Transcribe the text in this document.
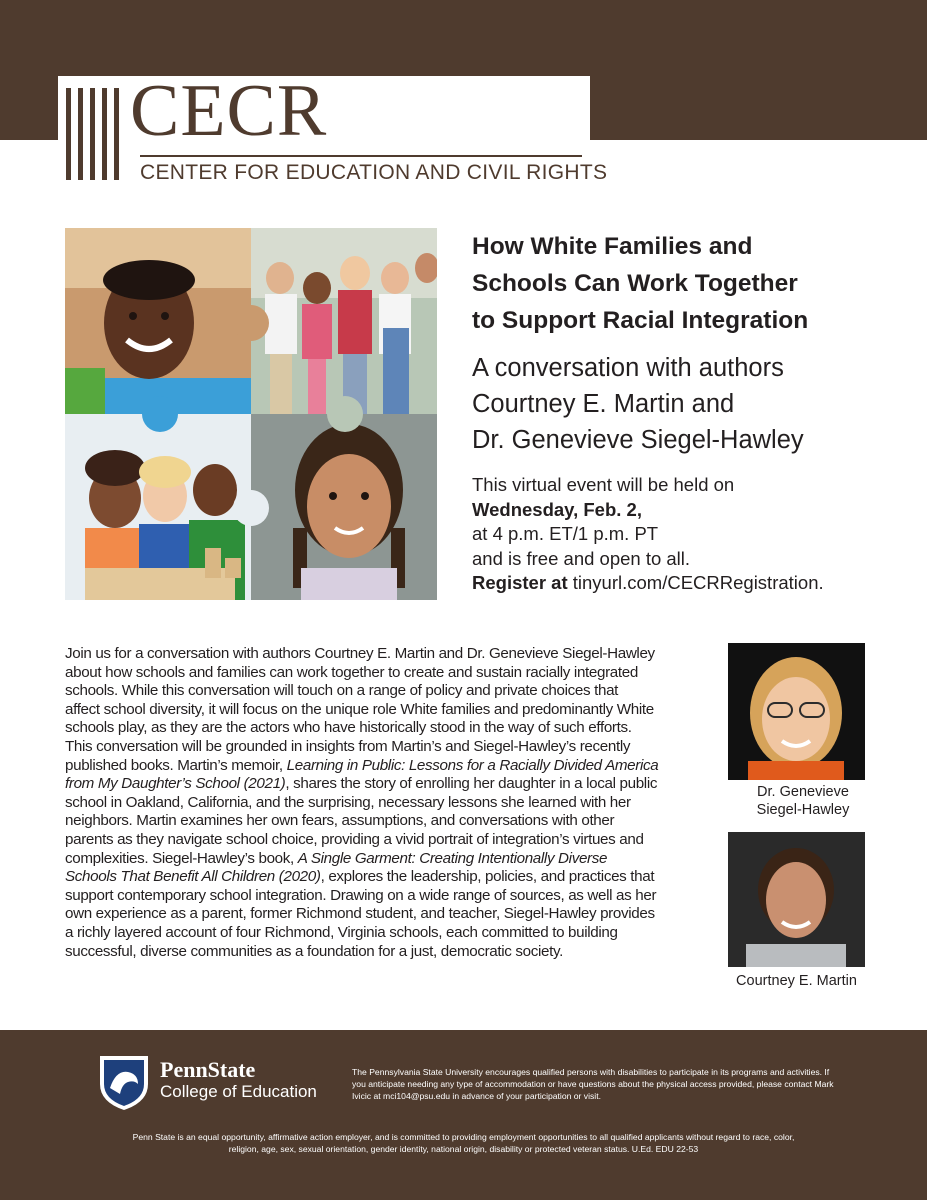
CECR
CENTER FOR EDUCATION AND CIVIL RIGHTS
How White Families and
Schools Can Work Together
to Support Racial Integration
A conversation with authors
Courtney E. Martin and
Dr. Genevieve Siegel-Hawley
This virtual event will be held on
Wednesday, Feb. 2,
at 4 p.m. ET/1 p.m. PT
and is free and open to all.
Register at tinyurl.com/CECRRegistration.
Join us for a conversation with authors Courtney E. Martin and Dr. Genevieve Siegel-Hawley
about how schools and families can work together to create and sustain racially integrated
schools. While this conversation will touch on a range of policy and private choices that
affect school diversity, it will focus on the unique role White families and predominantly White
schools play, as they are the actors who have historically stood in the way of such efforts.
This conversation will be grounded in insights from Martin’s and Siegel-Hawley’s recently
published books. Martin’s memoir, Learning in Public: Lessons for a Racially Divided America
from My Daughter’s School (2021), shares the story of enrolling her daughter in a local public
school in Oakland, California, and the surprising, necessary lessons she learned with her
neighbors. Martin examines her own fears, assumptions, and conversations with other
parents as they navigate school choice, providing a vivid portrait of integration’s virtues and
complexities. Siegel-Hawley’s book, A Single Garment: Creating Intentionally Diverse
Schools That Benefit All Children (2020), explores the leadership, policies, and practices that
support contemporary school integration. Drawing on a wide range of sources, as well as her
own experience as a parent, former Richmond student, and teacher, Siegel-Hawley provides
a richly layered account of four Richmond, Virginia schools, each committed to building
successful, diverse communities as a foundation for a just, democratic society.
Dr. Genevieve
Siegel-Hawley
Courtney E. Martin
PennState
College of Education
The Pennsylvania State University encourages qualified persons with disabilities to participate in its programs and activities. If
you anticipate needing any type of accommodation or have questions about the physical access provided, please contact Mark
Ivicic at mci104@psu.edu in advance of your participation or visit.
Penn State is an equal opportunity, affirmative action employer, and is committed to providing employment opportunities to all qualified applicants without regard to race, color,
religion, age, sex, sexual orientation, gender identity, national origin, disability or protected veteran status. U.Ed. EDU 22-53
